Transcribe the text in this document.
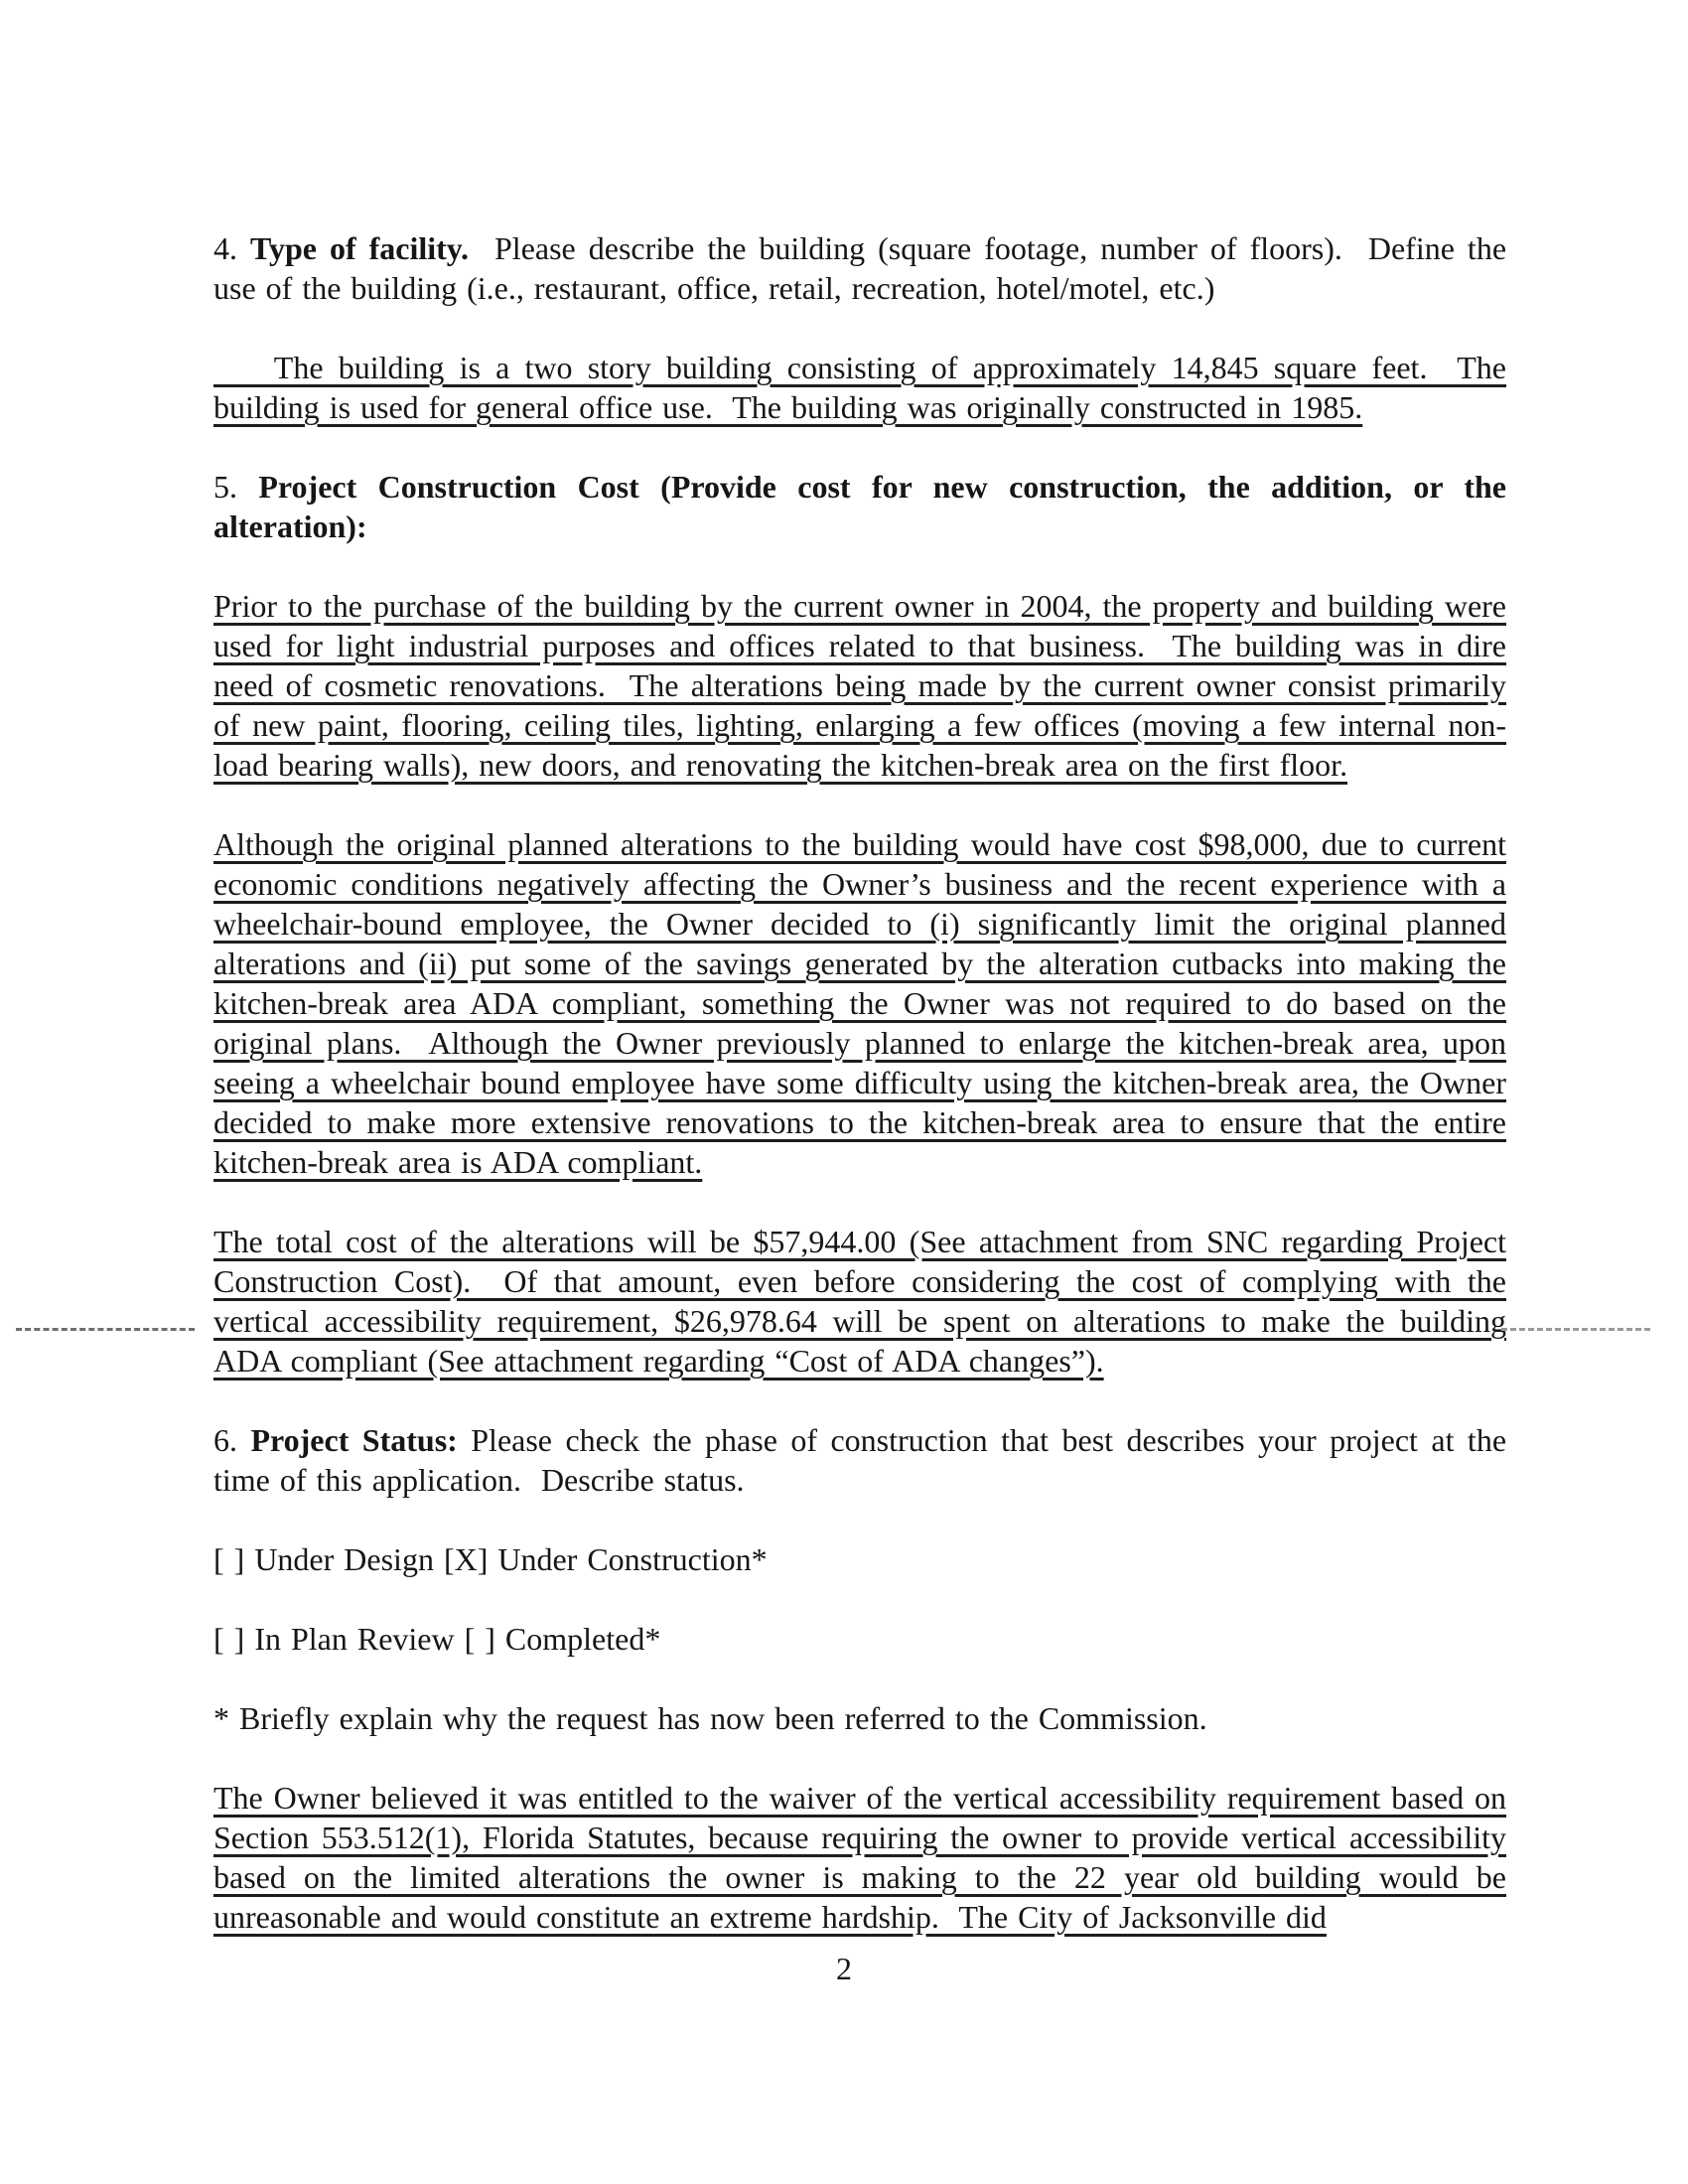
4. Type of facility.  Please describe the building (square footage, number of floors).  Define the use of the building (i.e., restaurant, office, retail, recreation, hotel/motel, etc.)
The building is a two story building consisting of approximately 14,845 square feet.  The building is used for general office use.  The building was originally constructed in 1985.
5. Project Construction Cost (Provide cost for new construction, the addition, or the alteration):
Prior to the purchase of the building by the current owner in 2004, the property and building were used for light industrial purposes and offices related to that business.  The building was in dire need of cosmetic renovations.  The alterations being made by the current owner consist primarily of new paint, flooring, ceiling tiles, lighting, enlarging a few offices (moving a few internal non-load bearing walls), new doors, and renovating the kitchen-break area on the first floor.
Although the original planned alterations to the building would have cost $98,000, due to current economic conditions negatively affecting the Owner’s business and the recent experience with a wheelchair-bound employee, the Owner decided to (i) significantly limit the original planned alterations and (ii) put some of the savings generated by the alteration cutbacks into making the kitchen-break area ADA compliant, something the Owner was not required to do based on the original plans.  Although the Owner previously planned to enlarge the kitchen-break area, upon seeing a wheelchair bound employee have some difficulty using the kitchen-break area, the Owner decided to make more extensive renovations to the kitchen-break area to ensure that the entire kitchen-break area is ADA compliant.
The total cost of the alterations will be $57,944.00 (See attachment from SNC regarding Project Construction Cost).  Of that amount, even before considering the cost of complying with the vertical accessibility requirement, $26,978.64 will be spent on alterations to make the building ADA compliant (See attachment regarding “Cost of ADA changes”).
6. Project Status: Please check the phase of construction that best describes your project at the time of this application.  Describe status.
[ ] Under Design [X] Under Construction*
[ ] In Plan Review [ ] Completed*
* Briefly explain why the request has now been referred to the Commission.
The Owner believed it was entitled to the waiver of the vertical accessibility requirement based on Section 553.512(1), Florida Statutes, because requiring the owner to provide vertical accessibility based on the limited alterations the owner is making to the 22 year old building would be unreasonable and would constitute an extreme hardship.  The City of Jacksonville did
2
